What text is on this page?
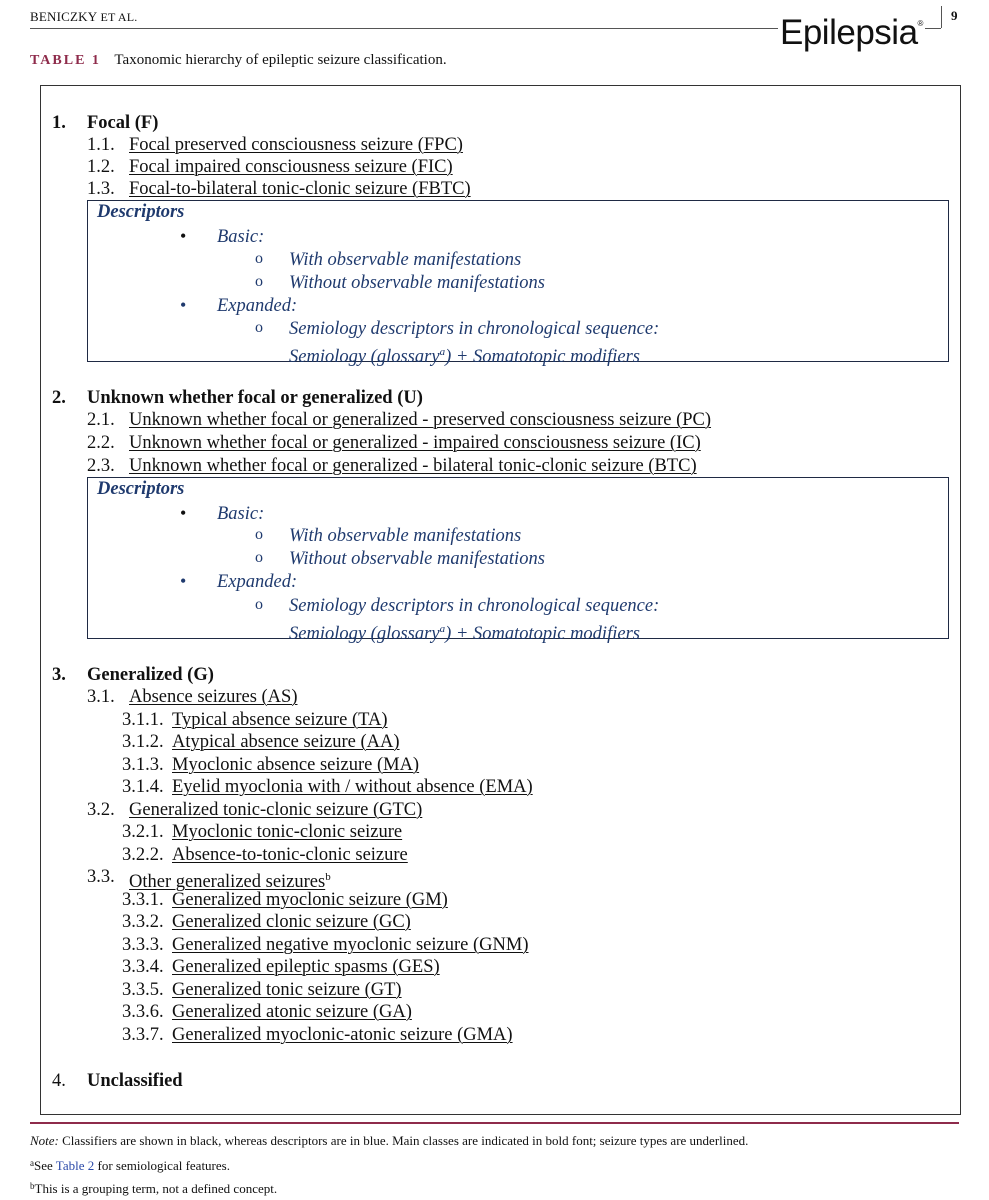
BENICZKY ET AL.	Epilepsia®
9
TABLE 1 Taxonomic hierarchy of epileptic seizure classification.
1. Focal (F)
1.1. Focal preserved consciousness seizure (FPC)
1.2. Focal impaired consciousness seizure (FIC)
1.3. Focal-to-bilateral tonic-clonic seizure (FBTC)
Descriptors
• Basic:
o With observable manifestations
o Without observable manifestations
• Expanded:
o Semiology descriptors in chronological sequence:
Semiology (glossary$^a$) + Somatotopic modifiers
2. Unknown whether focal or generalized (U)
2.1. Unknown whether focal or generalized - preserved consciousness seizure (PC)
2.2. Unknown whether focal or generalized - impaired consciousness seizure (IC)
2.3. Unknown whether focal or generalized - bilateral tonic-clonic seizure (BTC)
Descriptors
• Basic:
o With observable manifestations
o Without observable manifestations
• Expanded:
o Semiology descriptors in chronological sequence:
Semiology (glossary$^a$) + Somatotopic modifiers
3. Generalized (G)
3.1. Absence seizures (AS)
3.1.1. Typical absence seizure (TA)
3.1.2. Atypical absence seizure (AA)
3.1.3. Myoclonic absence seizure (MA)
3.1.4. Eyelid myoclonia with / without absence (EMA)
3.2. Generalized tonic-clonic seizure (GTC)
3.2.1. Myoclonic tonic-clonic seizure
3.2.2. Absence-to-tonic-clonic seizure
3.3. Other generalized seizures$^b$
3.3.1. Generalized myoclonic seizure (GM)
3.3.2. Generalized clonic seizure (GC)
3.3.3. Generalized negative myoclonic seizure (GNM)
3.3.4. Generalized epileptic spasms (GES)
3.3.5. Generalized tonic seizure (GT)
3.3.6. Generalized atonic seizure (GA)
3.3.7. Generalized myoclonic-atonic seizure (GMA)
4. Unclassified
Note: Classifiers are shown in black, whereas descriptors are in blue. Main classes are indicated in bold font; seizure types are underlined.
$^a$See Table 2 for semiological features.
$^b$This is a grouping term, not a defined concept.
